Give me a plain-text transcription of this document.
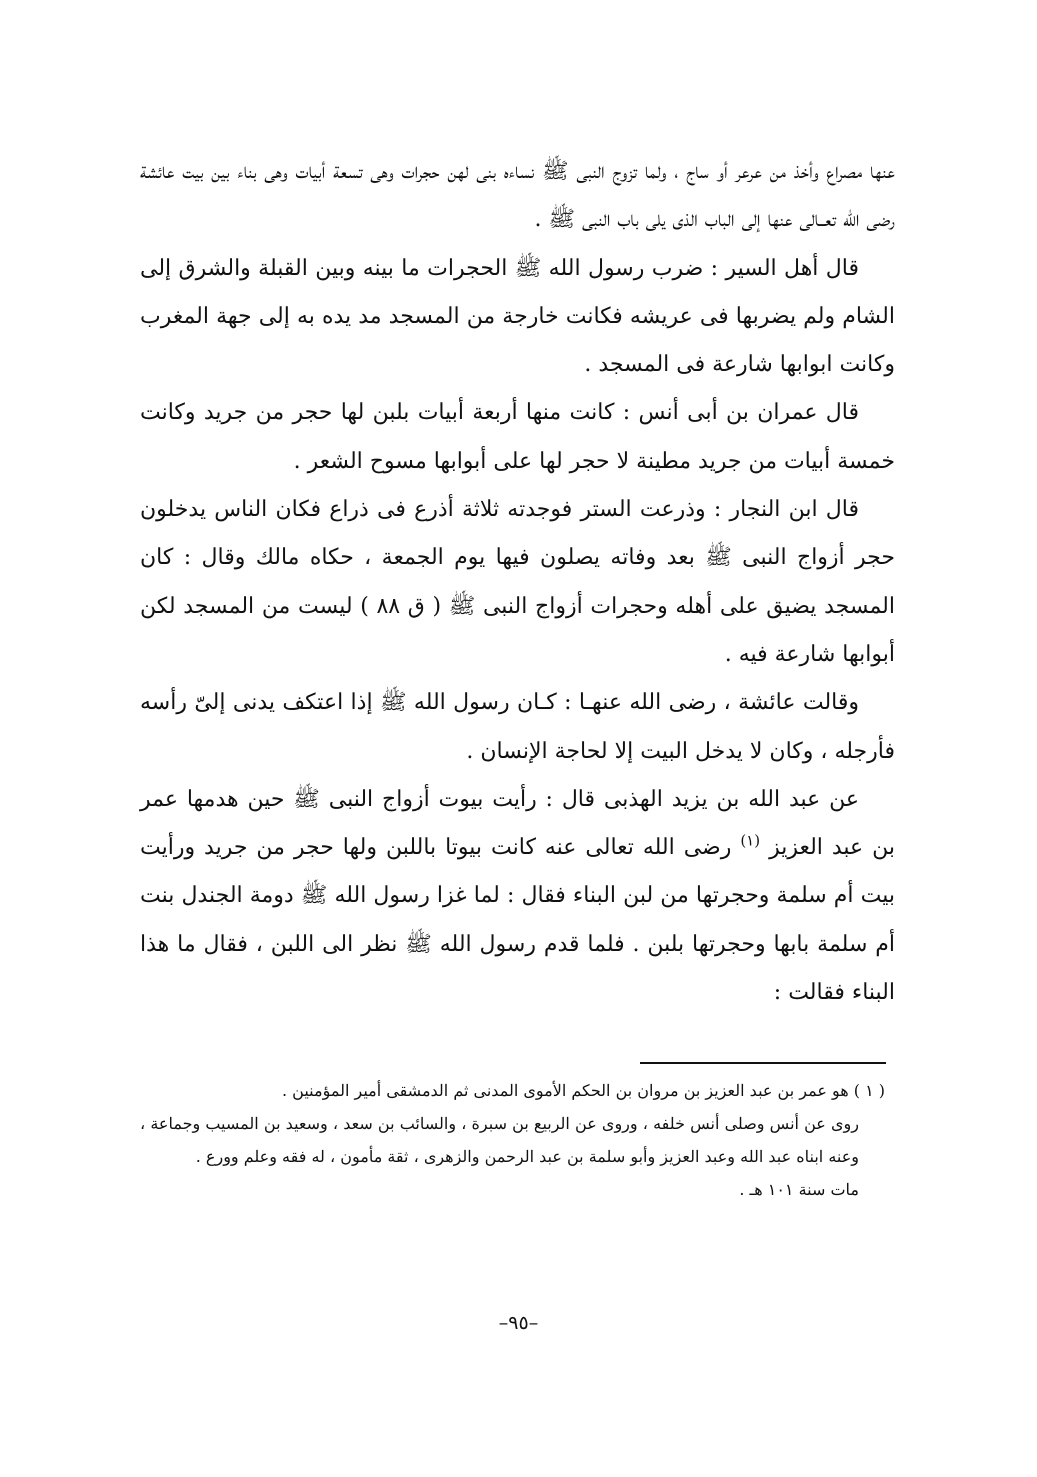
عنها مصراع وأخذ من عرعر أو ساج ، ولما تزوج النبى ﷺ نساءه بنى لهن حجرات وهى تسعة أبيات وهى بناء بين بيت عائشة رضى الله تعــالى عنها إلى الباب الذى يلى باب النبى ﷺ .

قال أهل السير : ضرب رسول الله ﷺ الحجرات ما بينه وبين القبلة والشرق إلى الشام ولم يضربها فى عريشه فكانت خارجة من المسجد مد يده به إلى جهة المغرب وكانت ابوابها شارعة فى المسجد .

قال عمران بن أبى أنس : كانت منها أربعة أبيات بلبن لها حجر من جريد وكانت خمسة أبيات من جريد مطينة لا حجر لها على أبوابها مسوح الشعر .

قال ابن النجار : وذرعت الستر فوجدته ثلاثة أذرع فى ذراع فكان الناس يدخلون حجر أزواج النبى ﷺ بعد وفاته يصلون فيها يوم الجمعة ، حكاه مالك وقال : كان المسجد يضيق على أهله وحجرات أزواج النبى ﷺ ( ق ٨٨ ) ليست من المسجد لكن أبوابها شارعة فيه .

وقالت عائشة ، رضى الله عنهـا : كـان رسول الله ﷺ إذا اعتكف يدنى إلىّ رأسه فأرجله ، وكان لا يدخل البيت إلا لحاجة الإنسان .

عن عبد الله بن يزيد الهذبى قال : رأيت بيوت أزواج النبى ﷺ حين هدمها عمر بن عبد العزيز $^{(١)}$ رضى الله تعالى عنه كانت بيوتا باللبن ولها حجر من جريد ورأيت بيت أم سلمة وحجرتها من لبن البناء فقال : لما غزا رسول الله ﷺ دومة الجندل بنت أم سلمة بابها وحجرتها بلبن . فلما قدم رسول الله ﷺ نظر الى اللبن ، فقال ما هذا البناء فقالت :

( ١ ) هو عمر بن عبد العزيز بن مروان بن الحكم الأموى المدنى ثم الدمشقى أمير المؤمنين .

روى عن أنس وصلى أنس خلفه ، وروى عن الربيع بن سبرة ، والسائب بن سعد ، وسعيد بن المسيب وجماعة ، وعنه ابناه عبد الله وعبد العزيز وأبو سلمة بن عبد الرحمن والزهرى ، ثقة مأمون ، له فقه وعلم وورع .

مات سنة ١٠١ هـ .

–٩٥–
